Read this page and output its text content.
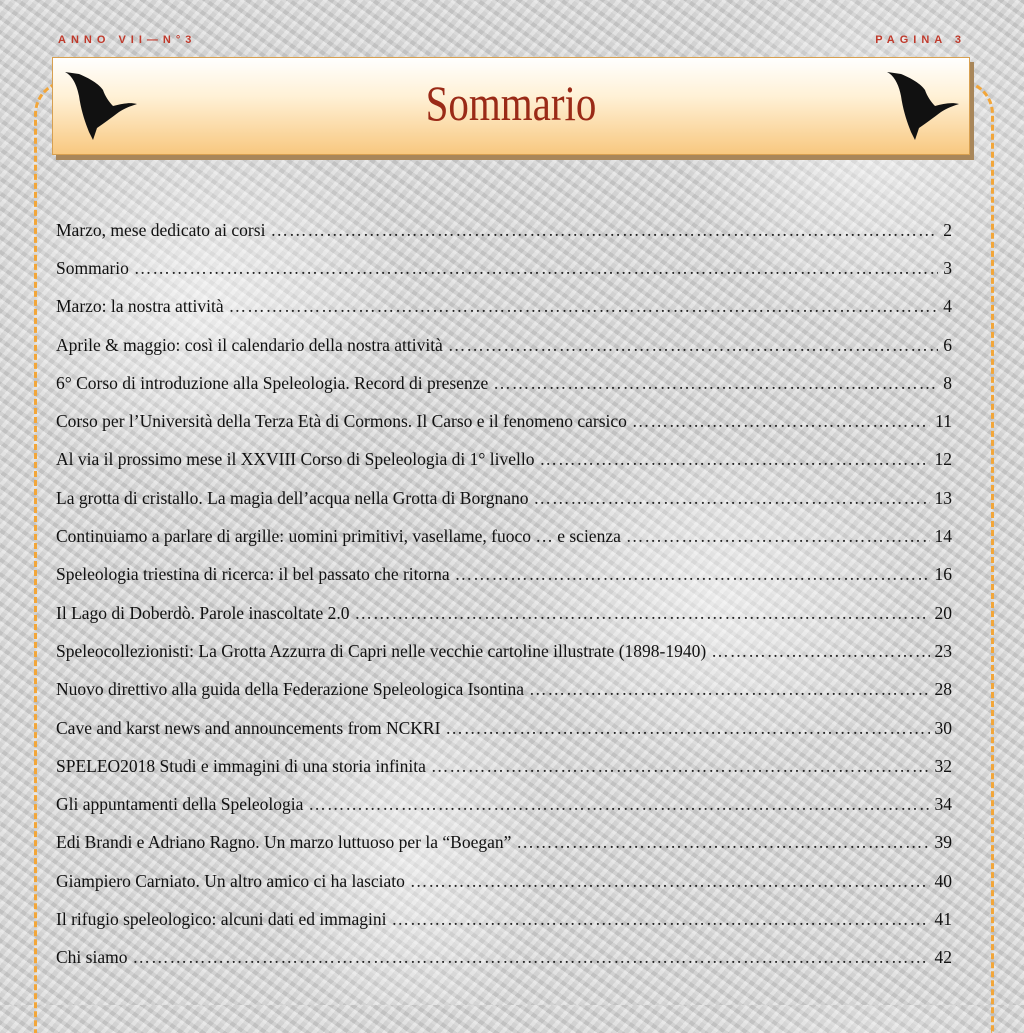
ANNO VII—N°3	PAGINA 3
Sommario
Marzo, mese dedicato ai corsi …………………………………………………………………………………………………………………………………………………………………………………………………………………	2
Sommario …………………………………………………………………………………………………………………………………………………………………………………………………………………	3
Marzo: la nostra attività …………………………………………………………………………………………………………………………………………………………………………………………………………………	4
Aprile & maggio: così il calendario della nostra attività …………………………………………………………………………………………………………………………………………………………………………………………………………………	6
6° Corso di introduzione alla Speleologia. Record di presenze …………………………………………………………………………………………………………………………………………………………………………………………………………………	8
Corso per l’Università della Terza Età di Cormons. Il Carso e il fenomeno carsico …………………………………………………………………………………………………………………………………………………………………………………………………………………	11
Al via il prossimo mese il XXVIII Corso di Speleologia di 1° livello …………………………………………………………………………………………………………………………………………………………………………………………………………………	12
La grotta di cristallo. La magia dell’acqua nella Grotta di Borgnano …………………………………………………………………………………………………………………………………………………………………………………………………………………	13
Continuiamo a parlare di argille: uomini primitivi, vasellame, fuoco … e scienza …………………………………………………………………………………………………………………………………………………………………………………………………………………	14
Speleologia triestina di ricerca: il bel passato che ritorna …………………………………………………………………………………………………………………………………………………………………………………………………………………	16
Il Lago di Doberdò. Parole inascoltate 2.0 …………………………………………………………………………………………………………………………………………………………………………………………………………………	20
Speleocollezionisti: La Grotta Azzurra di Capri nelle vecchie cartoline illustrate (1898-1940) …………………………………………………………………………………………………………………………………………………………………………………………………………………	23
Nuovo direttivo alla guida della Federazione Speleologica Isontina …………………………………………………………………………………………………………………………………………………………………………………………………………………	28
Cave and karst news and announcements from NCKRI …………………………………………………………………………………………………………………………………………………………………………………………………………………	30
SPELEO2018 Studi e immagini di una storia infinita …………………………………………………………………………………………………………………………………………………………………………………………………………………	32
Gli appuntamenti della Speleologia …………………………………………………………………………………………………………………………………………………………………………………………………………………	34
Edi Brandi e Adriano Ragno. Un marzo luttuoso per la “Boegan” …………………………………………………………………………………………………………………………………………………………………………………………………………………	39
Giampiero Carniato. Un altro amico ci ha lasciato …………………………………………………………………………………………………………………………………………………………………………………………………………………	40
Il rifugio speleologico: alcuni dati ed immagini …………………………………………………………………………………………………………………………………………………………………………………………………………………	41
Chi siamo …………………………………………………………………………………………………………………………………………………………………………………………………………………	42
